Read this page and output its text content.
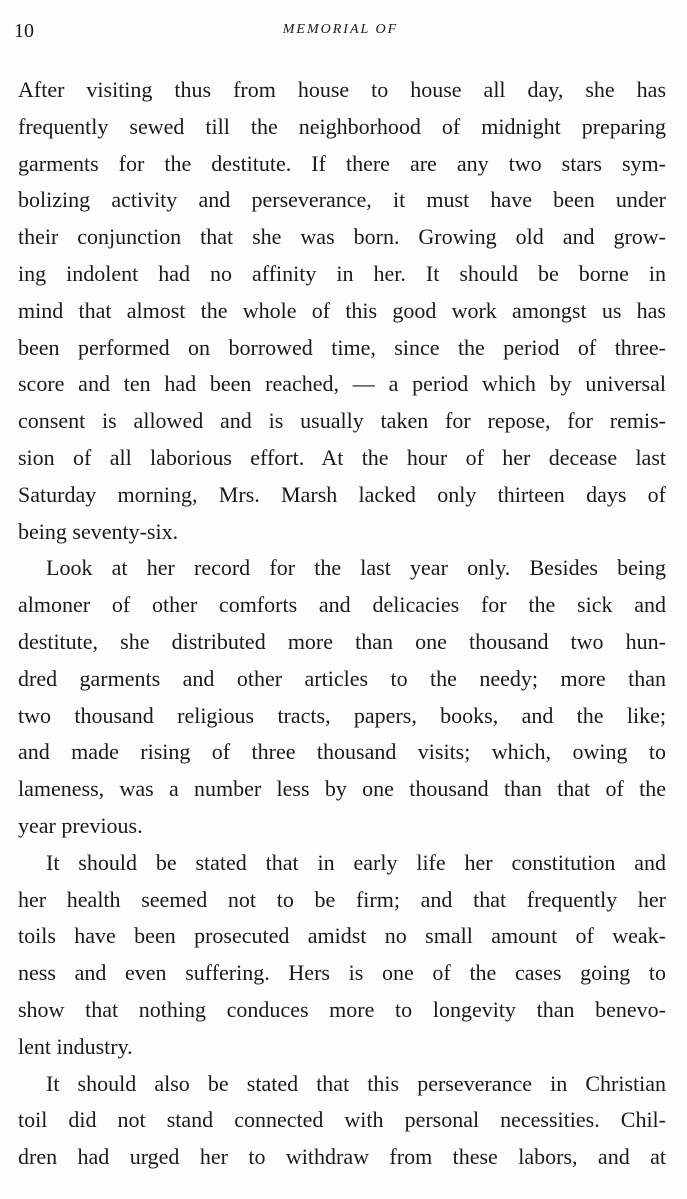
10	MEMORIAL OF
After visiting thus from house to house all day, she has
frequently sewed till the neighborhood of midnight preparing
garments for the destitute. If there are any two stars sym-
bolizing activity and perseverance, it must have been under
their conjunction that she was born. Growing old and grow-
ing indolent had no affinity in her. It should be borne in
mind that almost the whole of this good work amongst us has
been performed on borrowed time, since the period of three-
score and ten had been reached, — a period which by universal
consent is allowed and is usually taken for repose, for remis-
sion of all laborious effort. At the hour of her decease last
Saturday morning, Mrs. Marsh lacked only thirteen days of
being seventy-six.
Look at her record for the last year only. Besides being
almoner of other comforts and delicacies for the sick and
destitute, she distributed more than one thousand two hun-
dred garments and other articles to the needy; more than
two thousand religious tracts, papers, books, and the like;
and made rising of three thousand visits; which, owing to
lameness, was a number less by one thousand than that of the
year previous.
It should be stated that in early life her constitution and
her health seemed not to be firm; and that frequently her
toils have been prosecuted amidst no small amount of weak-
ness and even suffering. Hers is one of the cases going to
show that nothing conduces more to longevity than benevo-
lent industry.
It should also be stated that this perseverance in Christian
toil did not stand connected with personal necessities. Chil-
dren had urged her to withdraw from these labors, and at
